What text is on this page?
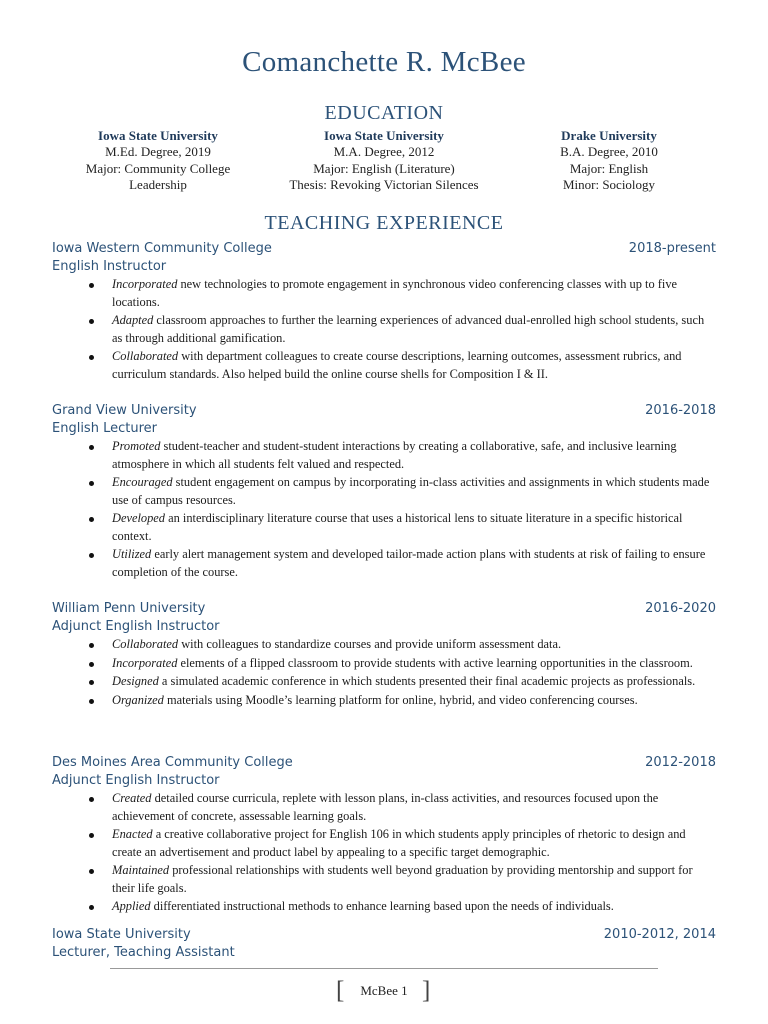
Comanchette R. McBee
EDUCATION
Iowa State University
M.Ed. Degree, 2019
Major: Community College
Leadership
Iowa State University
M.A. Degree, 2012
Major: English (Literature)
Thesis: Revoking Victorian Silences
Drake University
B.A. Degree, 2010
Major: English
Minor: Sociology
TEACHING EXPERIENCE
Iowa Western Community College	2018-present
English Instructor
Incorporated new technologies to promote engagement in synchronous video conferencing classes with up to five locations.
Adapted classroom approaches to further the learning experiences of advanced dual-enrolled high school students, such as through additional gamification.
Collaborated with department colleagues to create course descriptions, learning outcomes, assessment rubrics, and curriculum standards. Also helped build the online course shells for Composition I & II.
Grand View University	2016-2018
English Lecturer
Promoted student-teacher and student-student interactions by creating a collaborative, safe, and inclusive learning atmosphere in which all students felt valued and respected.
Encouraged student engagement on campus by incorporating in-class activities and assignments in which students made use of campus resources.
Developed an interdisciplinary literature course that uses a historical lens to situate literature in a specific historical context.
Utilized early alert management system and developed tailor-made action plans with students at risk of failing to ensure completion of the course.
William Penn University	2016-2020
Adjunct English Instructor
Collaborated with colleagues to standardize courses and provide uniform assessment data.
Incorporated elements of a flipped classroom to provide students with active learning opportunities in the classroom.
Designed a simulated academic conference in which students presented their final academic projects as professionals.
Organized materials using Moodle’s learning platform for online, hybrid, and video conferencing courses.
Des Moines Area Community College	2012-2018
Adjunct English Instructor
Created detailed course curricula, replete with lesson plans, in-class activities, and resources focused upon the achievement of concrete, assessable learning goals.
Enacted a creative collaborative project for English 106 in which students apply principles of rhetoric to design and create an advertisement and product label by appealing to a specific target demographic.
Maintained professional relationships with students well beyond graduation by providing mentorship and support for their life goals.
Applied differentiated instructional methods to enhance learning based upon the needs of individuals.
Iowa State University	2010-2012, 2014
Lecturer, Teaching Assistant
[	McBee 1 ]
